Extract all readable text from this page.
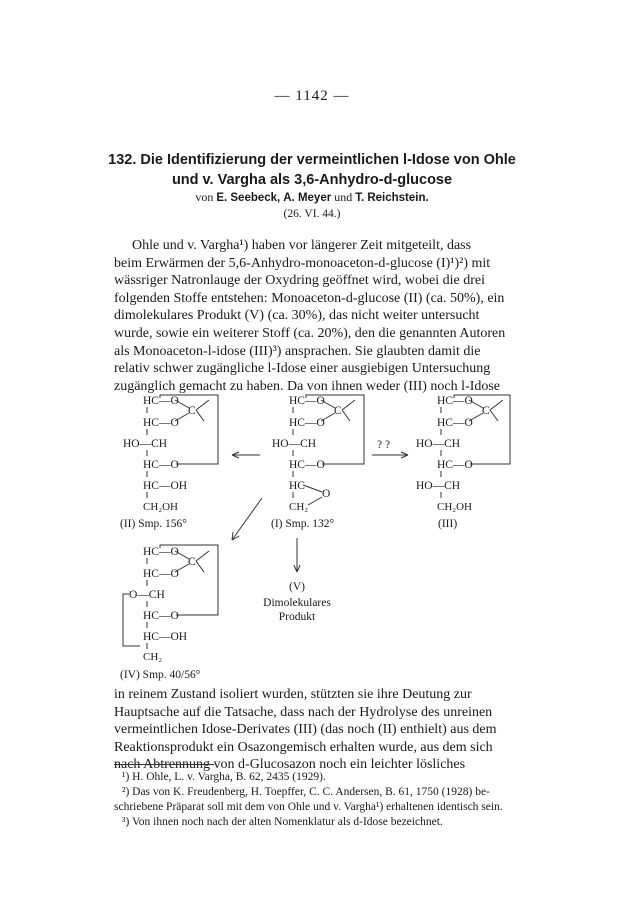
— 1142 —
132. Die Identifizierung der vermeintlichen l-Idose von Ohle
und v. Vargha als 3,6-Anhydro-d-glucose
von E. Seebeck, A. Meyer und T. Reichstein.
(26. VI. 44.)
Ohle und v. Vargha¹) haben vor längerer Zeit mitgeteilt, dass
beim Erwärmen der 5,6-Anhydro-monoaceton-d-glucose (I)¹)²) mit
wässriger Natronlauge der Oxydring geöffnet wird, wobei die drei
folgenden Stoffe entstehen: Monoaceton-d-glucose (II) (ca. 50%), ein
dimolekulares Produkt (V) (ca. 30%), das nicht weiter untersucht
wurde, sowie ein weiterer Stoff (ca. 20%), den die genannten Autoren
als Monoaceton-l-idose (III)³) ansprachen. Sie glaubten damit die
relativ schwer zugängliche l-Idose einer ausgiebigen Untersuchung
zugänglich gemacht zu haben. Da von ihnen weder (III) noch l-Idose
HC—O
C
HC—O
HO—CH
HC—O
HC—OH
CH₂OH
(II) Smp. 156°
HC—O
C
HC—O
HO—CH
HC—O
HC
O
CH₂
(I) Smp. 132°
? ?
HC—O
C
HC—O
HO—CH
HC—O
HO—CH
CH₂OH
(III)
HC—O
C
HC—O
O—CH
HC—O
HC—OH
CH₂
(IV) Smp. 40/56°
(V)
Dimolekulares
Produkt
in reinem Zustand isoliert wurden, stützten sie ihre Deutung zur
Hauptsache auf die Tatsache, dass nach der Hydrolyse des unreinen
vermeintlichen Idose-Derivates (III) (das noch (II) enthielt) aus dem
Reaktionsprodukt ein Osazongemisch erhalten wurde, aus dem sich
nach Abtrennung von d-Glucosazon noch ein leichter lösliches
¹) H. Ohle, L. v. Vargha, B. 62, 2435 (1929).
²) Das von K. Freudenberg, H. Toepffer, C. C. Andersen, B. 61, 1750 (1928) be-
schriebene Präparat soll mit dem von Ohle und v. Vargha¹) erhaltenen identisch sein.
³) Von ihnen noch nach der alten Nomenklatur als d-Idose bezeichnet.
